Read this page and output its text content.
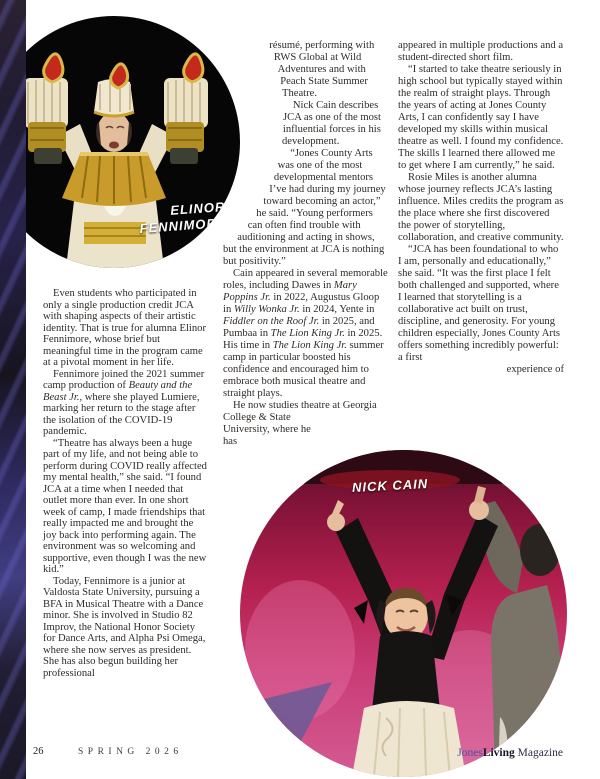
ELINOR
FENNIMORE
NICK CAIN

Even students who participated in only a single production credit JCA with shaping aspects of their artistic identity. That is true for alumna Elinor Fennimore, whose brief but meaningful time in the program came at a pivotal moment in her life.

Fennimore joined the 2021 summer camp production of Beauty and the Beast Jr., where she played Lumiere, marking her return to the stage after the isolation of the COVID-19 pandemic.

“Theatre has always been a huge part of my life, and not being able to perform during COVID really affected my mental health,” she said. “I found JCA at a time when I needed that outlet more than ever. In one short week of camp, I made friendships that really impacted me and brought the joy back into performing again. The environment was so welcoming and supportive, even though I was the new kid.”

Today, Fennimore is a junior at Valdosta State University, pursuing a BFA in Musical Theatre with a Dance minor. She is involved in Studio 82 Improv, the National Honor Society for Dance Arts, and Alpha Psi Omega, where she now serves as president. She has also begun building her professional

résumé, performing with RWS Global at Wild Adventures and with Peach State Summer Theatre.

Nick Cain describes JCA as one of the most influential forces in his development.

“Jones County Arts was one of the most developmental mentors I’ve had during my journey toward becoming an actor,” he said. “Young performers can often find trouble with auditioning and acting in shows, but the environment at JCA is nothing but positivity.”

Cain appeared in several memorable roles, including Dawes in Mary Poppins Jr. in 2022, Augustus Gloop in Willy Wonka Jr. in 2024, Yente in Fiddler on the Roof Jr. in 2025, and Pumbaa in The Lion King Jr. in 2025. His time in The Lion King Jr. summer camp in particular boosted his confidence and encouraged him to embrace both musical theatre and straight plays.

He now studies theatre at Georgia College & State University, where he has

appeared in multiple productions and a student-directed short film.

“I started to take theatre seriously in high school but typically stayed within the realm of straight plays. Through the years of acting at Jones County Arts, I can confidently say I have developed my skills within musical theatre as well. I found my confidence. The skills I learned there allowed me to get where I am currently,” he said.

Rosie Miles is another alumna whose journey reflects JCA’s lasting influence. Miles credits the program as the place where she first discovered the power of storytelling, collaboration, and creative community.

“JCA has been foundational to who I am, personally and educationally,” she said. “It was the first place I felt both challenged and supported, where I learned that storytelling is a collaborative act built on trust, discipline, and generosity. For young children especially, Jones County Arts offers something incredibly powerful: a first

experience of

26	SPRING 2026	JonesLiving Magazine
